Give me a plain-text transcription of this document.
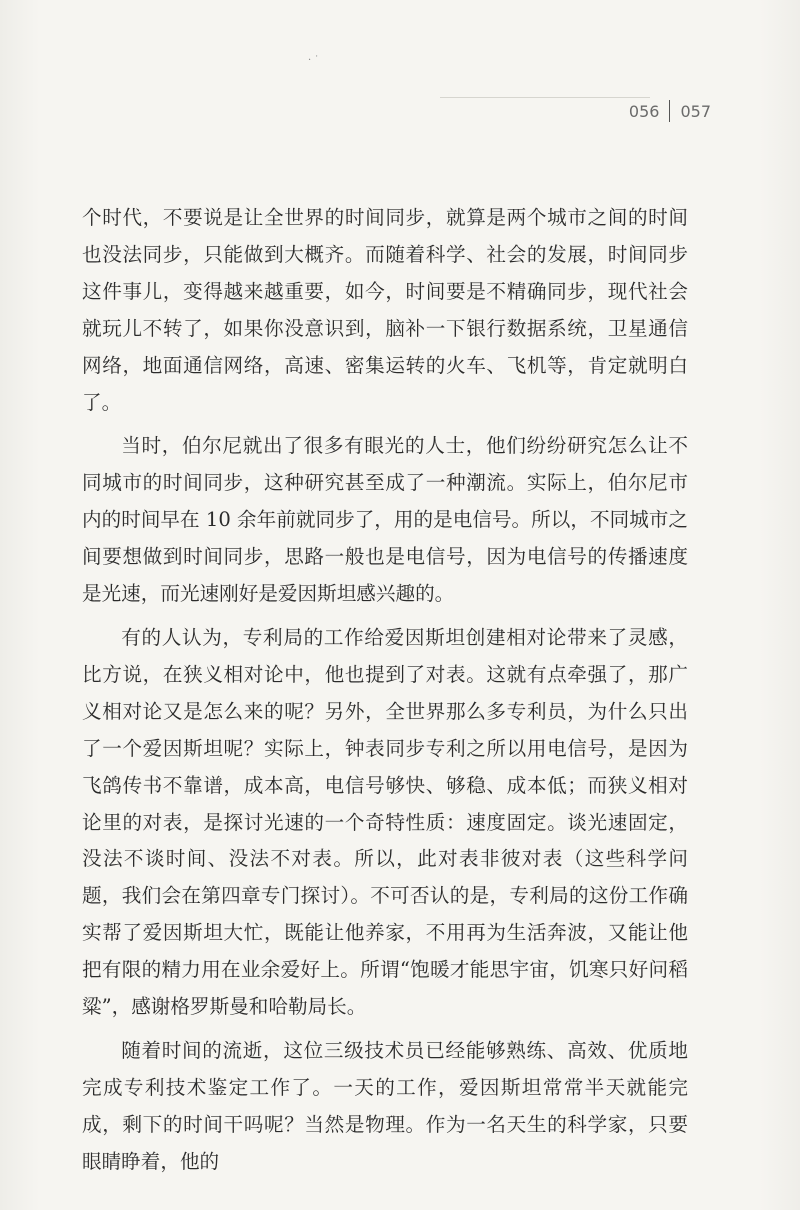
·˙
056 057

个时代，不要说是让全世界的时间同步，就算是两个城市之间的时间也没法同步，只能做到大概齐。而随着科学、社会的发展，时间同步这件事儿，变得越来越重要，如今，时间要是不精确同步，现代社会就玩儿不转了，如果你没意识到，脑补一下银行数据系统，卫星通信网络，地面通信网络，高速、密集运转的火车、飞机等，肯定就明白了。

当时，伯尔尼就出了很多有眼光的人士，他们纷纷研究怎么让不同城市的时间同步，这种研究甚至成了一种潮流。实际上，伯尔尼市内的时间早在 10 余年前就同步了，用的是电信号。所以，不同城市之间要想做到时间同步，思路一般也是电信号，因为电信号的传播速度是光速，而光速刚好是爱因斯坦感兴趣的。

有的人认为，专利局的工作给爱因斯坦创建相对论带来了灵感，比方说，在狭义相对论中，他也提到了对表。这就有点牵强了，那广义相对论又是怎么来的呢？另外，全世界那么多专利员，为什么只出了一个爱因斯坦呢？实际上，钟表同步专利之所以用电信号，是因为飞鸽传书不靠谱，成本高，电信号够快、够稳、成本低；而狭义相对论里的对表，是探讨光速的一个奇特性质：速度固定。谈光速固定，没法不谈时间、没法不对表。所以，此对表非彼对表（这些科学问题，我们会在第四章专门探讨）。不可否认的是，专利局的这份工作确实帮了爱因斯坦大忙，既能让他养家，不用再为生活奔波，又能让他把有限的精力用在业余爱好上。所谓“饱暖才能思宇宙，饥寒只好问稻粱”，感谢格罗斯曼和哈勒局长。

随着时间的流逝，这位三级技术员已经能够熟练、高效、优质地完成专利技术鉴定工作了。一天的工作，爱因斯坦常常半天就能完成，剩下的时间干吗呢？当然是物理。作为一名天生的科学家，只要眼睛睁着，他的
